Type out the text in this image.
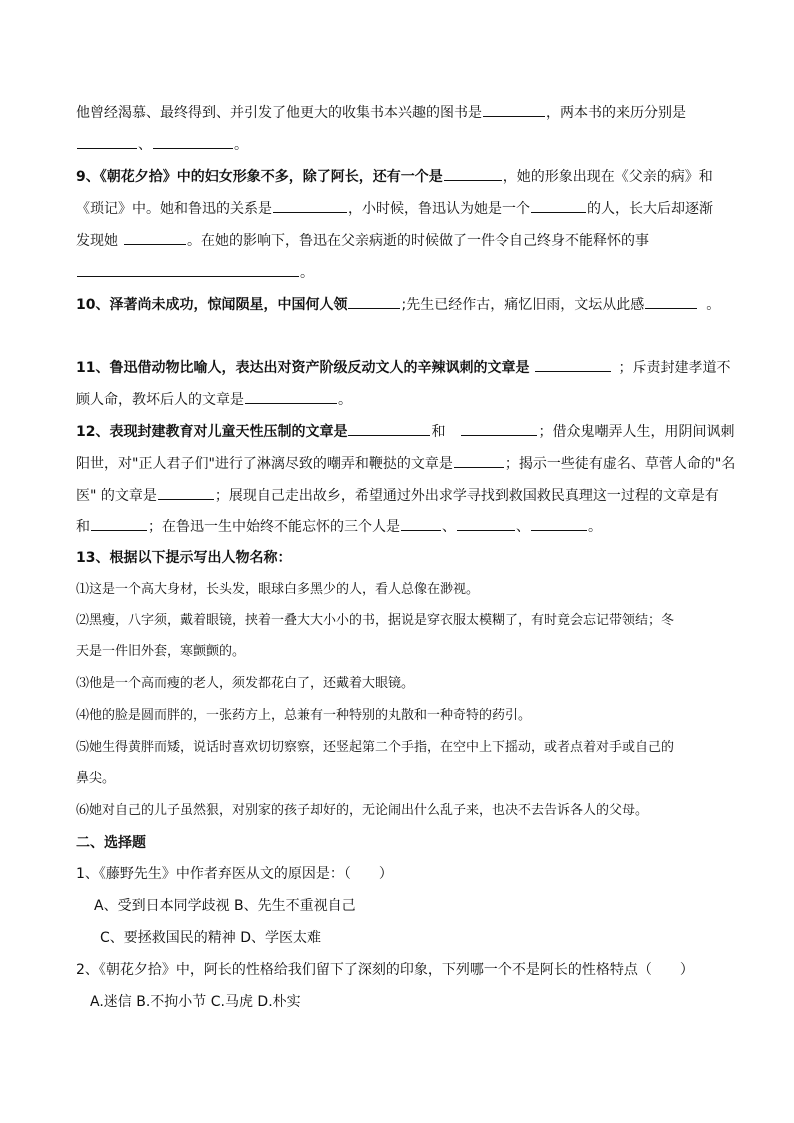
他曾经渴慕、最终得到、并引发了他更大的收集书本兴趣的图书是	，两本书的来历分别是
、	。
9、《朝花夕拾》中的妇女形象不多，除了阿长，还有一个是	，她的形象出现在《父亲的病》和
《琐记》中。她和鲁迅的关系是	，小时候，鲁迅认为她是一个	的人，长大后却逐渐
发现她	。在她的影响下，鲁迅在父亲病逝的时候做了一件令自己终身不能释怀的事
。
10、泽著尚未成功，惊闻陨星，中国何人领	;先生已经作古，痛忆旧雨，文坛从此感	。
11、鲁迅借动物比喻人，表达出对资产阶级反动文人的辛辣讽刺的文章是	；斥责封建孝道不
顾人命，教坏后人的文章是	。
12、表现封建教育对儿童天性压制的文章是	和	；借众鬼嘲弄人生，用阴间讽刺
阳世，对"正人君子们"进行了淋漓尽致的嘲弄和鞭挞的文章是	；揭示一些徒有虚名、草菅人命的"名
医" 的文章是	；展现自己走出故乡，希望通过外出求学寻找到救国救民真理这一过程的文章是有
和	；在鲁迅一生中始终不能忘怀的三个人是	、	、	。
13、根据以下提示写出人物名称：
⑴这是一个高大身材，长头发，眼球白多黑少的人，看人总像在渺视。
⑵黑瘦，八字须，戴着眼镜，挟着一叠大大小小的书，据说是穿衣服太模糊了，有时竟会忘记带领结；冬
天是一件旧外套，寒颤颤的。
⑶他是一个高而瘦的老人，须发都花白了，还戴着大眼镜。
⑷他的脸是圆而胖的，一张药方上，总兼有一种特别的丸散和一种奇特的药引。
⑸她生得黄胖而矮，说话时喜欢切切察察，还竖起第二个手指，在空中上下摇动，或者点着对手或自己的
鼻尖。
⑹她对自己的儿子虽然狠，对别家的孩子却好的，无论闹出什么乱子来，也决不去告诉各人的父母。
二、选择题
1、《藤野先生》中作者弃医从文的原因是：（　　）
A、受到日本同学歧视 B、先生不重视自己
C、要拯救国民的精神 D、学医太难
2、《朝花夕拾》中，阿长的性格给我们留下了深刻的印象，下列哪一个不是阿长的性格特点（　　）
A.迷信 B.不拘小节 C.马虎 D.朴实
